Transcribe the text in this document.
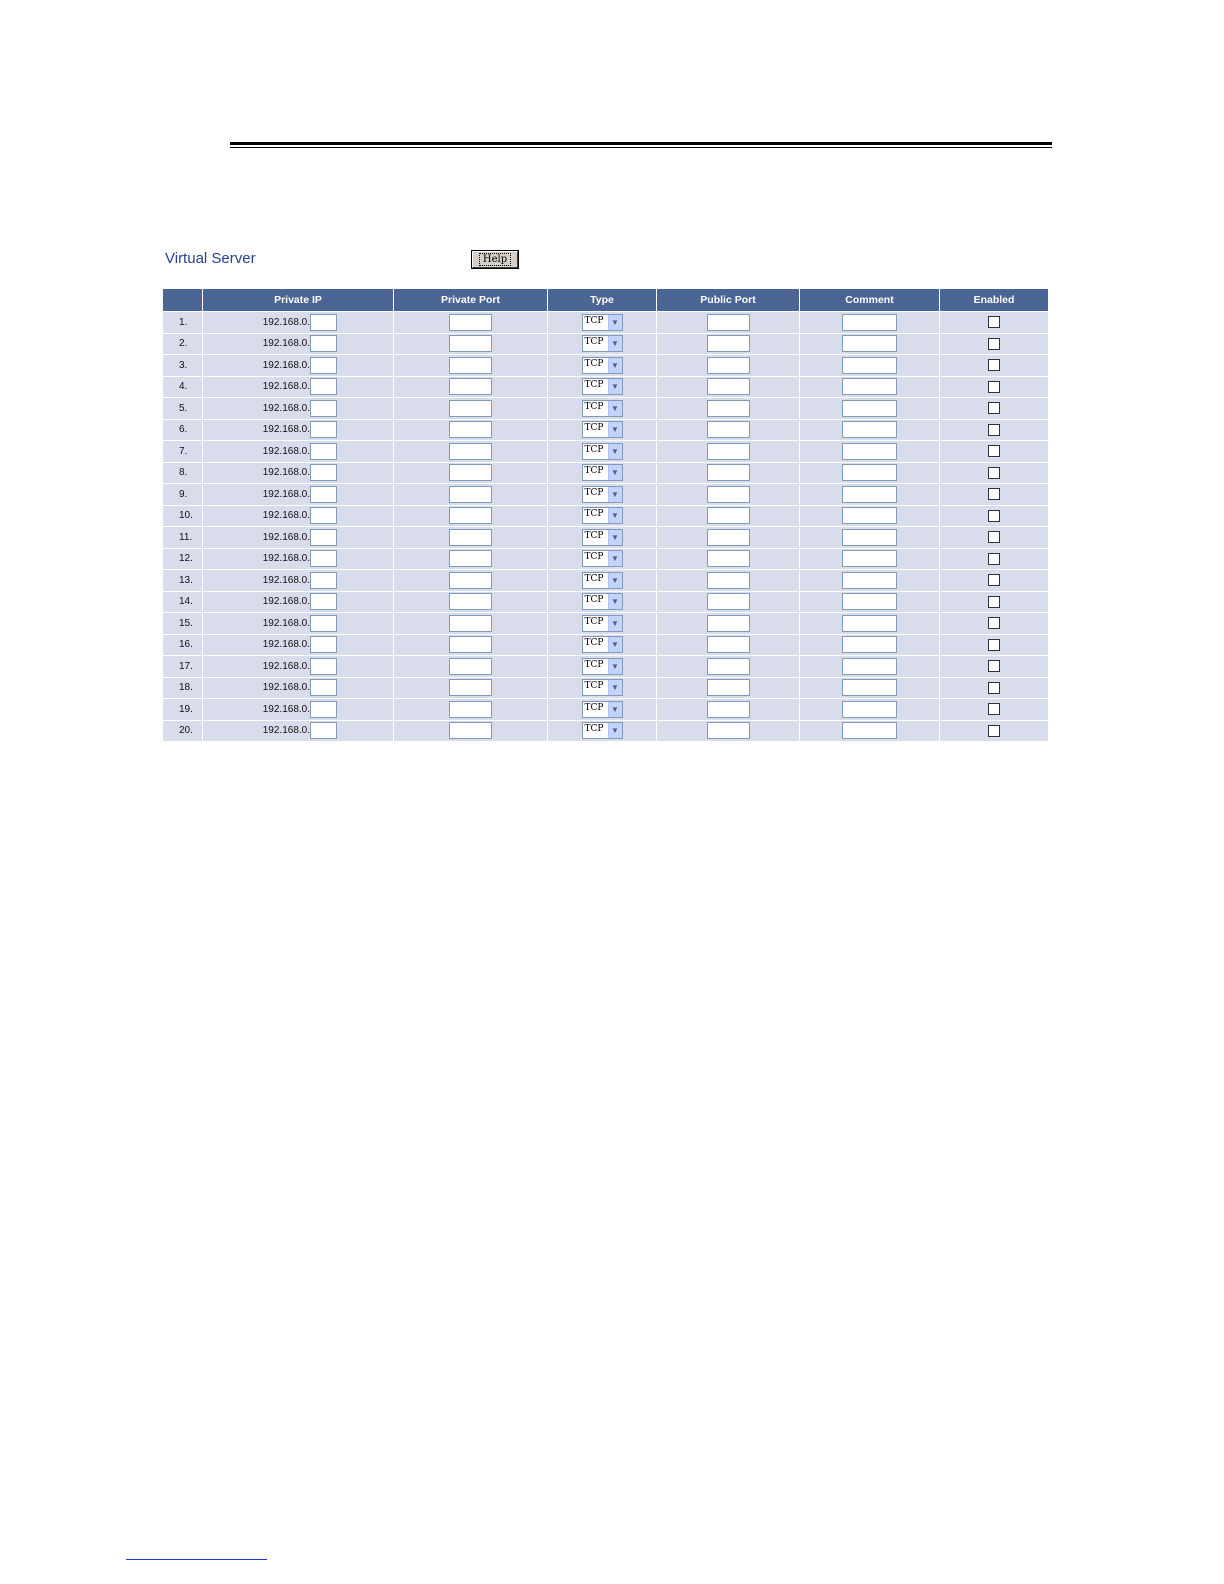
Virtual Server	Help
	Private IP	Private Port	Type	Public Port	Comment	Enabled
1.	192.168.0.		TCP ▼

2.	192.168.0.		TCP ▼

3.	192.168.0.		TCP ▼

4.	192.168.0.		TCP ▼

5.	192.168.0.		TCP ▼

6.	192.168.0.		TCP ▼

7.	192.168.0.		TCP ▼

8.	192.168.0.		TCP ▼

9.	192.168.0.		TCP ▼

10.	192.168.0.		TCP ▼

11.	192.168.0.		TCP ▼

12.	192.168.0.		TCP ▼

13.	192.168.0.		TCP ▼

14.	192.168.0.		TCP ▼

15.	192.168.0.		TCP ▼

16.	192.168.0.		TCP ▼

17.	192.168.0.		TCP ▼

18.	192.168.0.		TCP ▼

19.	192.168.0.		TCP ▼

20.	192.168.0.		TCP ▼
